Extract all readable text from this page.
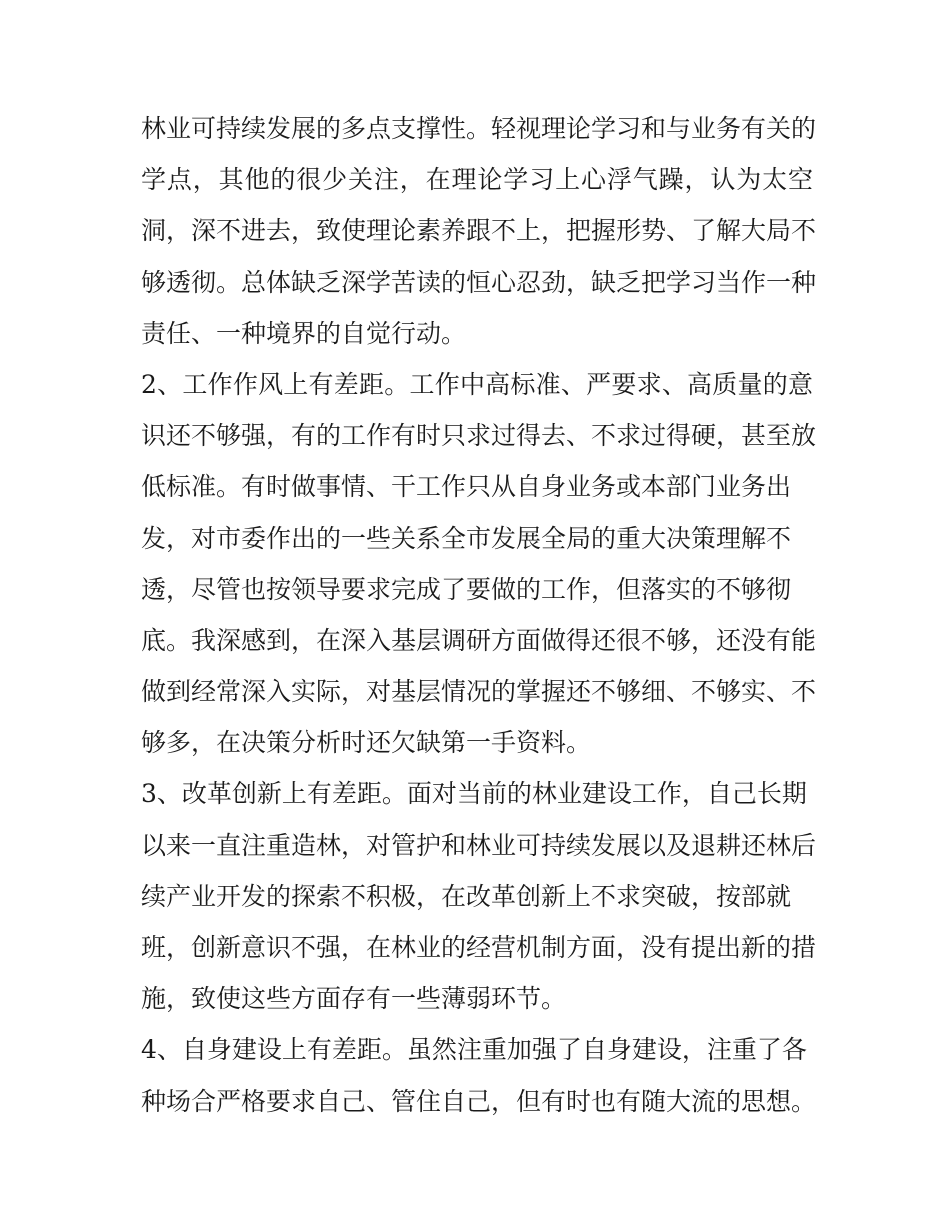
林业可持续发展的多点支撑性。轻视理论学习和与业务有关的
学点，其他的很少关注，在理论学习上心浮气躁，认为太空
洞，深不进去，致使理论素养跟不上，把握形势、了解大局不
够透彻。总体缺乏深学苦读的恒心忍劲，缺乏把学习当作一种
责任、一种境界的自觉行动。
2、工作作风上有差距。工作中高标准、严要求、高质量的意
识还不够强，有的工作有时只求过得去、不求过得硬，甚至放
低标准。有时做事情、干工作只从自身业务或本部门业务出
发，对市委作出的一些关系全市发展全局的重大决策理解不
透，尽管也按领导要求完成了要做的工作，但落实的不够彻
底。我深感到，在深入基层调研方面做得还很不够，还没有能
做到经常深入实际，对基层情况的掌握还不够细、不够实、不
够多，在决策分析时还欠缺第一手资料。
3、改革创新上有差距。面对当前的林业建设工作，自己长期
以来一直注重造林，对管护和林业可持续发展以及退耕还林后
续产业开发的探索不积极，在改革创新上不求突破，按部就
班，创新意识不强，在林业的经营机制方面，没有提出新的措
施，致使这些方面存有一些薄弱环节。
4、自身建设上有差距。虽然注重加强了自身建设，注重了各
种场合严格要求自己、管住自己，但有时也有随大流的思想。
